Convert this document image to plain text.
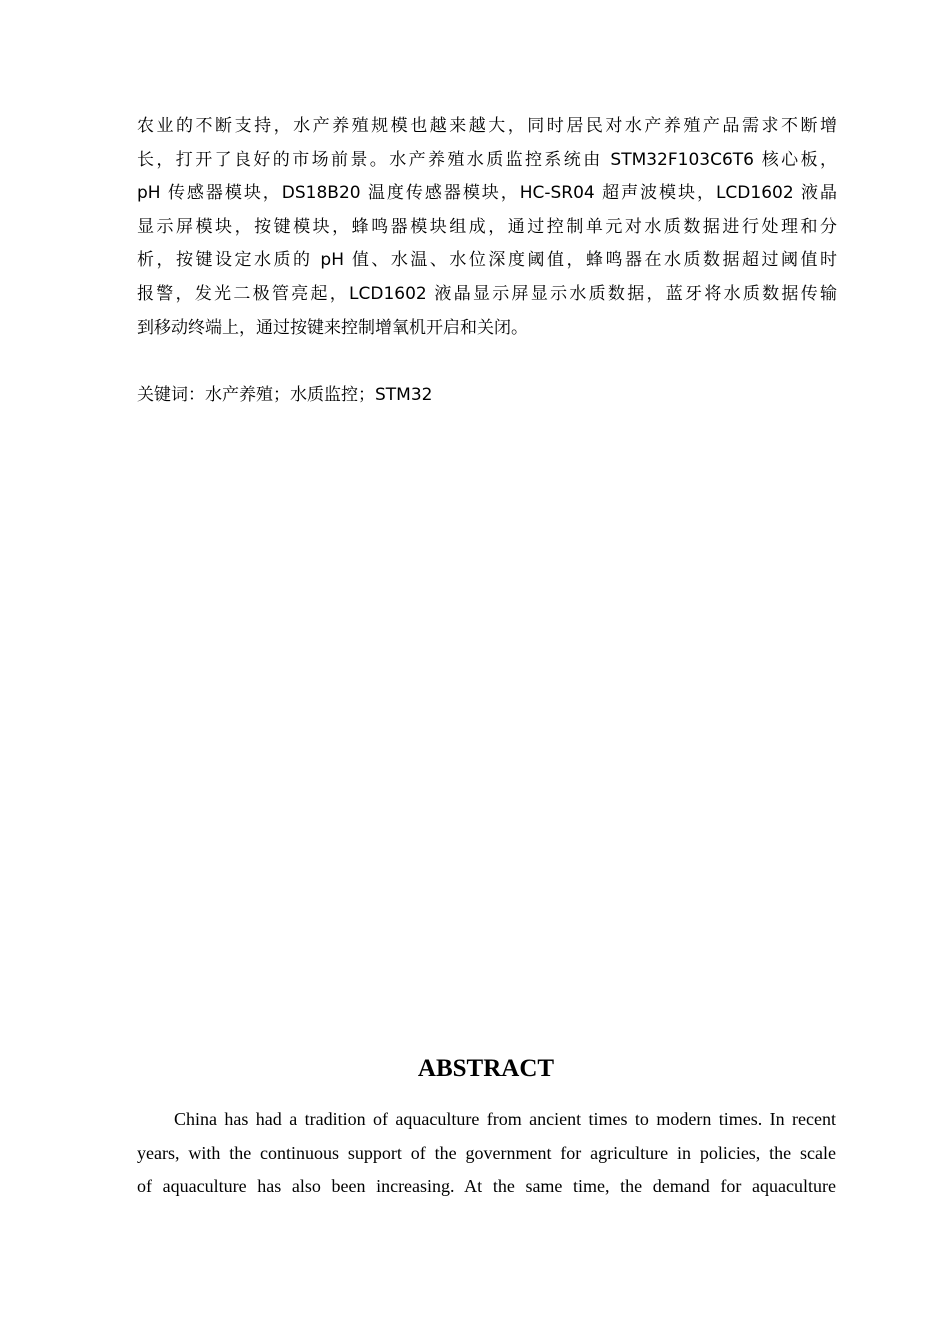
农业的不断支持，水产养殖规模也越来越大，同时居民对水产养殖产品需求不断增
长，打开了良好的市场前景。水产养殖水质监控系统由 STM32F103C6T6 核心板，
pH 传感器模块，DS18B20 温度传感器模块，HC-SR04 超声波模块，LCD1602 液晶
显示屏模块，按键模块，蜂鸣器模块组成，通过控制单元对水质数据进行处理和分
析，按键设定水质的 pH 值、水温、水位深度阈值，蜂鸣器在水质数据超过阈值时
报警，发光二极管亮起，LCD1602 液晶显示屏显示水质数据，蓝牙将水质数据传输
到移动终端上，通过按键来控制增氧机开启和关闭。
关键词：水产养殖；水质监控；STM32
ABSTRACT
China has had a tradition of aquaculture from ancient times to modern times. In recent
years, with the continuous support of the government for agriculture in policies, the scale
of aquaculture has also been increasing. At the same time, the demand for aquaculture
